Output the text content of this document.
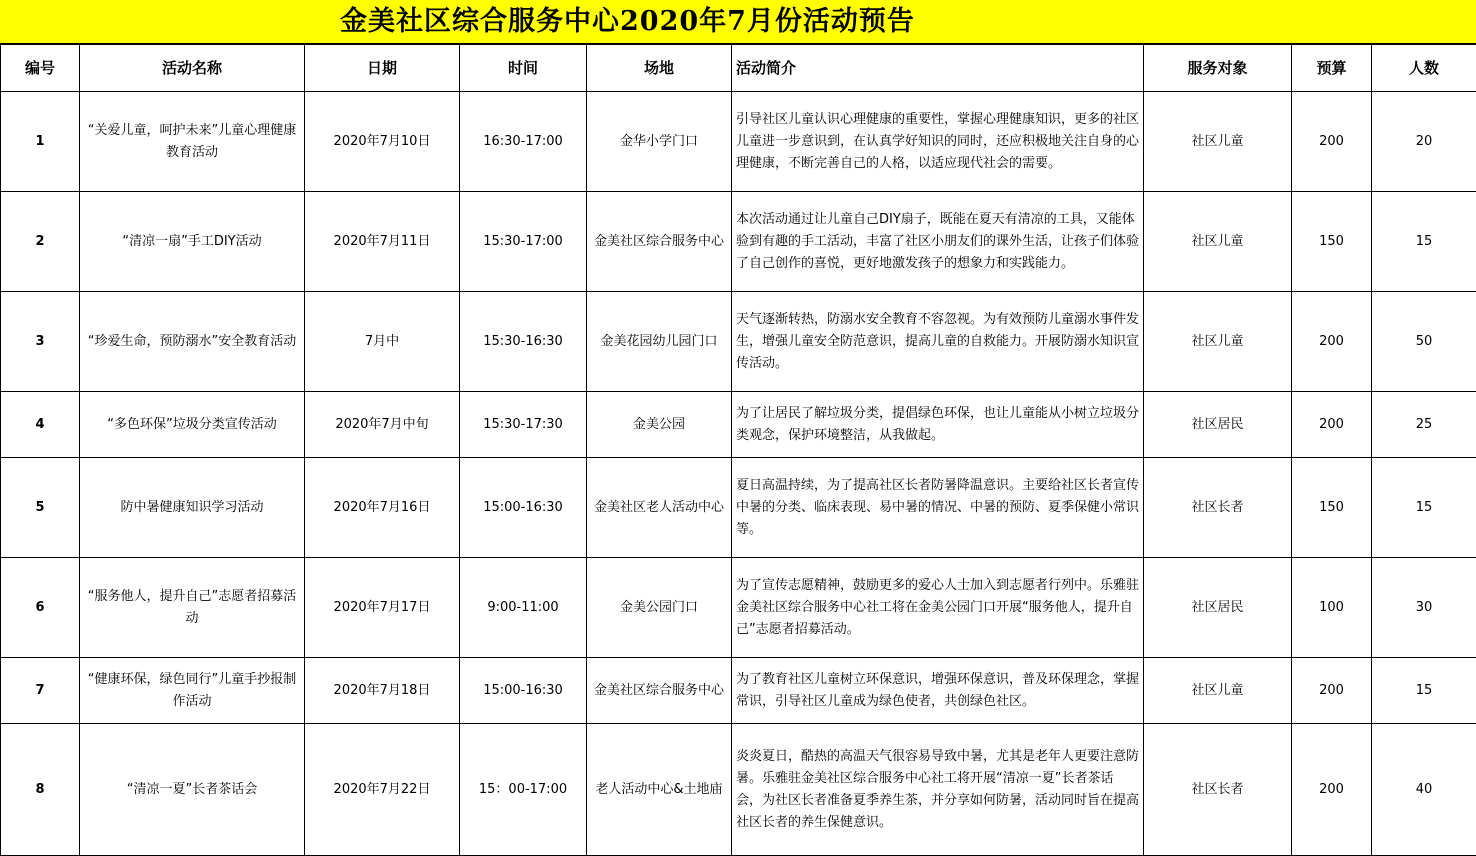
金美社区综合服务中心2020年7月份活动预告
编号	活动名称	日期	时间	场地	活动简介	服务对象	预算	人数
1	“关爱儿童，呵护未来”儿童心理健康教育活动	2020年7月10日	16:30-17:00	金华小学门口	引导社区儿童认识心理健康的重要性，掌握心理健康知识，更多的社区儿童进一步意识到，在认真学好知识的同时，还应积极地关注自身的心理健康，不断完善自己的人格，以适应现代社会的需要。	社区儿童	200	20
2	“清凉一扇”手工DIY活动	2020年7月11日	15:30-17:00	金美社区综合服务中心	本次活动通过让儿童自己DIY扇子，既能在夏天有清凉的工具，又能体验到有趣的手工活动，丰富了社区小朋友们的课外生活，让孩子们体验了自己创作的喜悦，更好地激发孩子的想象力和实践能力。	社区儿童	150	15
3	“珍爱生命，预防溺水”安全教育活动	7月中	15:30-16:30	金美花园幼儿园门口	天气逐渐转热，防溺水安全教育不容忽视。为有效预防儿童溺水事件发生，增强儿童安全防范意识，提高儿童的自救能力。开展防溺水知识宣传活动。	社区儿童	200	50
4	“多色环保”垃圾分类宣传活动	2020年7月中旬	15:30-17:30	金美公园	为了让居民了解垃圾分类，提倡绿色环保，也让儿童能从小树立垃圾分类观念，保护环境整洁，从我做起。	社区居民	200	25
5	防中暑健康知识学习活动	2020年7月16日	15:00-16:30	金美社区老人活动中心	夏日高温持续，为了提高社区长者防暑降温意识。主要给社区长者宣传中暑的分类、临床表现、易中暑的情况、中暑的预防、夏季保健小常识等。	社区长者	150	15
6	“服务他人，提升自己”志愿者招募活动	2020年7月17日	9:00-11:00	金美公园门口	为了宣传志愿精神，鼓励更多的爱心人士加入到志愿者行列中。乐雅驻金美社区综合服务中心社工将在金美公园门口开展“服务他人，提升自己”志愿者招募活动。	社区居民	100	30
7	“健康环保，绿色同行”儿童手抄报制作活动	2020年7月18日	15:00-16:30	金美社区综合服务中心	为了教育社区儿童树立环保意识，增强环保意识，普及环保理念，掌握常识，引导社区儿童成为绿色使者，共创绿色社区。	社区儿童	200	15
8	“清凉一夏”长者茶话会	2020年7月22日	15：00-17:00	老人活动中心&土地庙	炎炎夏日，酷热的高温天气很容易导致中暑，尤其是老年人更要注意防暑。乐雅驻金美社区综合服务中心社工将开展“清凉一夏”长者茶话会，为社区长者准备夏季养生茶，并分享如何防暑，活动同时旨在提高社区长者的养生保健意识。	社区长者	200	40
